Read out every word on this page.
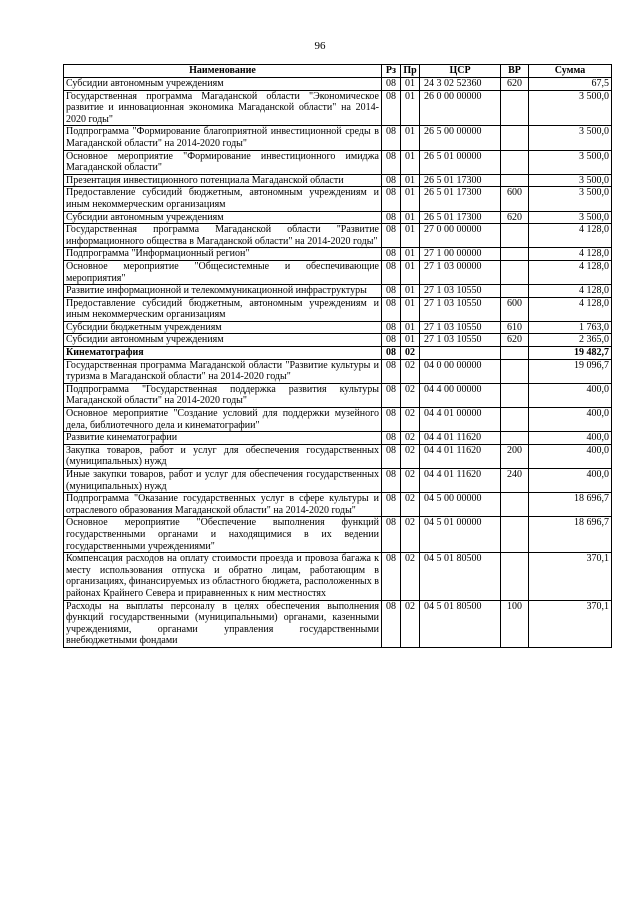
96
Наименование	Рз	Пр	ЦСР	ВР	Сумма
Субсидии автономным учреждениям	08	01	24 3 02 52360	620	67,5
Государственная программа Магаданской области "Экономическое развитие и инновационная экономика Магаданской области" на 2014-2020 годы"	08	01	26 0 00 00000		3 500,0
Подпрограмма "Формирование благоприятной инвестиционной среды в Магаданской области" на 2014-2020 годы"	08	01	26 5 00 00000		3 500,0
Основное мероприятие "Формирование инвестиционного имиджа Магаданской области"	08	01	26 5 01 00000		3 500,0
Презентация инвестиционного потенциала Магаданской области	08	01	26 5 01 17300		3 500,0
Предоставление субсидий бюджетным, автономным учреждениям и иным некоммерческим организациям	08	01	26 5 01 17300	600	3 500,0
Субсидии автономным учреждениям	08	01	26 5 01 17300	620	3 500,0
Государственная программа Магаданской области "Развитие информационного общества в Магаданской области" на 2014-2020 годы"	08	01	27 0 00 00000		4 128,0
Подпрограмма "Информационный регион"	08	01	27 1 00 00000		4 128,0
Основное мероприятие "Общесистемные и обеспечивающие мероприятия"	08	01	27 1 03 00000		4 128,0
Развитие информационной и телекоммуникационной инфраструктуры	08	01	27 1 03 10550		4 128,0
Предоставление субсидий бюджетным, автономным учреждениям и иным некоммерческим организациям	08	01	27 1 03 10550	600	4 128,0
Субсидии бюджетным учреждениям	08	01	27 1 03 10550	610	1 763,0
Субсидии автономным учреждениям	08	01	27 1 03 10550	620	2 365,0
Кинематография	08	02			19 482,7
Государственная программа Магаданской области "Развитие культуры и туризма в Магаданской области" на 2014-2020 годы"	08	02	04 0 00 00000		19 096,7
Подпрограмма "Государственная поддержка развития культуры Магаданской области" на 2014-2020 годы"	08	02	04 4 00 00000		400,0
Основное мероприятие "Создание условий для поддержки музейного дела, библиотечного дела и кинематографии"	08	02	04 4 01 00000		400,0
Развитие кинематографии	08	02	04 4 01 11620		400,0
Закупка товаров, работ и услуг для обеспечения государственных (муниципальных) нужд	08	02	04 4 01 11620	200	400,0
Иные закупки товаров, работ и услуг для обеспечения государственных (муниципальных) нужд	08	02	04 4 01 11620	240	400,0
Подпрограмма "Оказание государственных услуг в сфере культуры и отраслевого образования Магаданской области" на 2014-2020 годы"	08	02	04 5 00 00000		18 696,7
Основное мероприятие "Обеспечение выполнения функций государственными органами и находящимися в их ведении государственными учреждениями"	08	02	04 5 01 00000		18 696,7
Компенсация расходов на оплату стоимости проезда и провоза багажа к месту использования отпуска и обратно лицам, работающим в организациях, финансируемых из областного бюджета, расположенных в районах Крайнего Севера и приравненных к ним местностях	08	02	04 5 01 80500		370,1
Расходы на выплаты персоналу в целях обеспечения выполнения функций государственными (муниципальными) органами, казенными учреждениями, органами управления государственными внебюджетными фондами	08	02	04 5 01 80500	100	370,1
